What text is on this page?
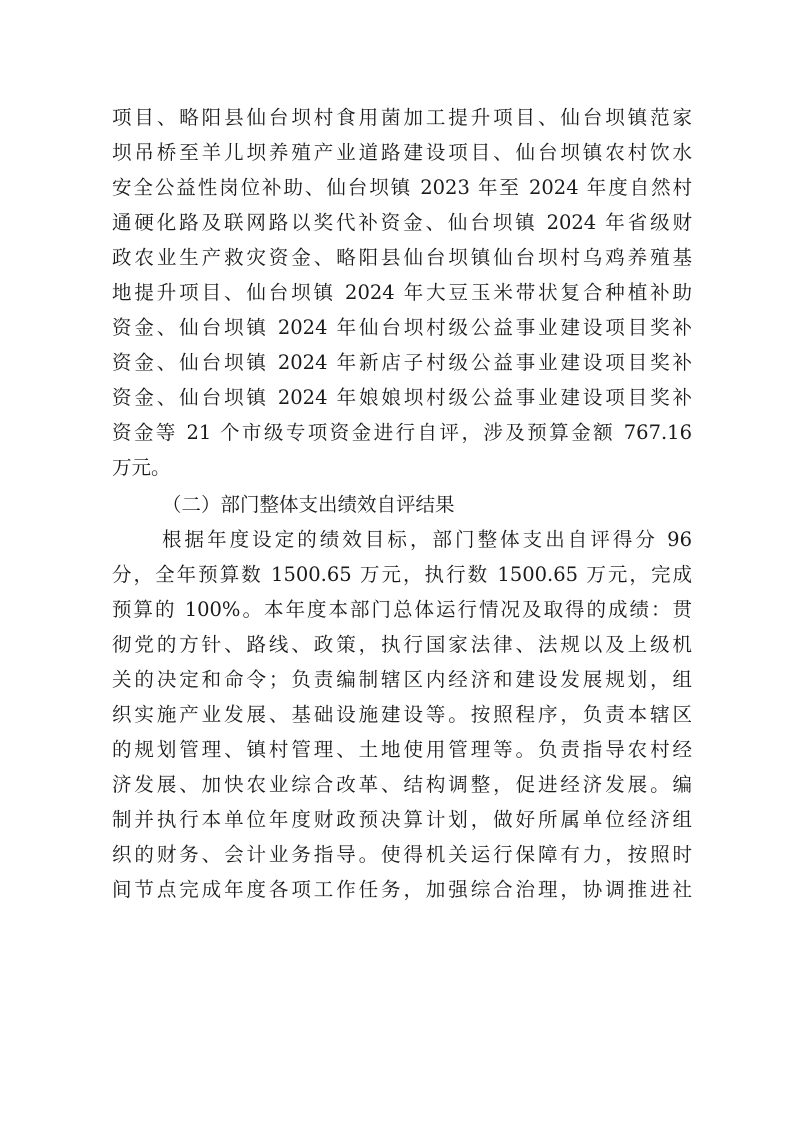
项目、略阳县仙台坝村食用菌加工提升项目、仙台坝镇范家
坝吊桥至羊儿坝养殖产业道路建设项目、仙台坝镇农村饮水
安全公益性岗位补助、仙台坝镇 2023 年至 2024 年度自然村
通硬化路及联网路以奖代补资金、仙台坝镇 2024 年省级财
政农业生产救灾资金、略阳县仙台坝镇仙台坝村乌鸡养殖基
地提升项目、仙台坝镇 2024 年大豆玉米带状复合种植补助
资金、仙台坝镇 2024 年仙台坝村级公益事业建设项目奖补
资金、仙台坝镇 2024 年新店子村级公益事业建设项目奖补
资金、仙台坝镇 2024 年娘娘坝村级公益事业建设项目奖补
资金等 21 个市级专项资金进行自评，涉及预算金额 767.16
万元。
（二）部门整体支出绩效自评结果
根据年度设定的绩效目标，部门整体支出自评得分 96
分，全年预算数 1500.65 万元，执行数 1500.65 万元，完成
预算的 100%。本年度本部门总体运行情况及取得的成绩：贯
彻党的方针、路线、政策，执行国家法律、法规以及上级机
关的决定和命令；负责编制辖区内经济和建设发展规划，组
织实施产业发展、基础设施建设等。按照程序，负责本辖区
的规划管理、镇村管理、土地使用管理等。负责指导农村经
济发展、加快农业综合改革、结构调整，促进经济发展。编
制并执行本单位年度财政预决算计划，做好所属单位经济组
织的财务、会计业务指导。使得机关运行保障有力，按照时
间节点完成年度各项工作任务，加强综合治理，协调推进社
